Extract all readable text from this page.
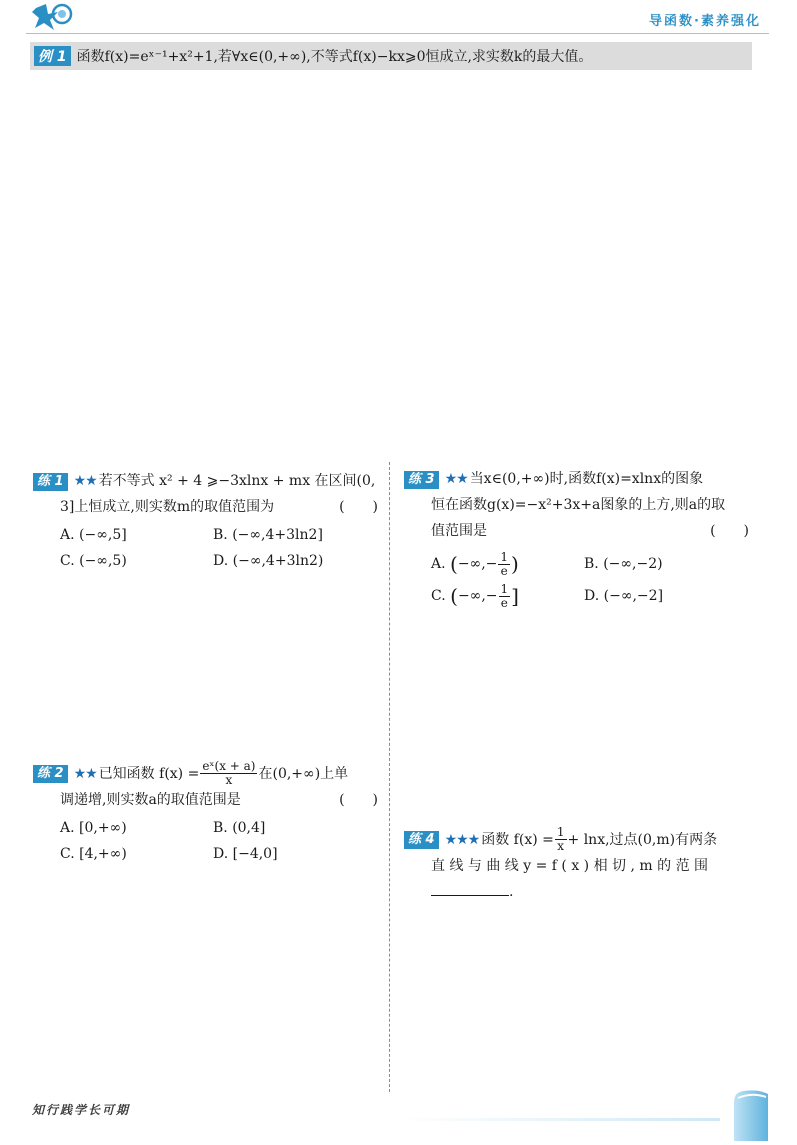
导函数·素养强化
例 1 函数f(x)=eˣ⁻¹+x²+1,若∀x∈(0,+∞),不等式f(x)−kx⩾0恒成立,求实数k的最大值。
练 1 ★★ 若不等式 x² + 4 ⩾−3xlnx + mx 在区间(0,
3]上恒成立,则实数m的取值范围为	(　　)
A. (−∞,5]	B. (−∞,4+3ln2]
C. (−∞,5)	D. (−∞,4+3ln2)
练 2 ★★ 已知函数 $f(x) = \frac{\text{eˣ(x + a)}}{x}$ 在(0,+∞)上单
调递增,则实数a的取值范围是	(　　)
A. [0,+∞)	B. (0,4]
C. [4,+∞)	D. [−4,0]
练 3 ★★ 当x∈(0,+∞)时,函数f(x)=xlnx的图象
恒在函数g(x)=−x²+3x+a图象的上方,则a的取
值范围是	(　　)
A. (−∞,− $\frac{1}{e}$ )	B. (−∞,−2)
C. (−∞,− $\frac{1}{e}$ ]	D. (−∞,−2]
练 4 ★★★ 函数 $f(x) = \frac{1}{x} + \ln x$,过点(0,m)有两条
直 线 与 曲 线 y = f ( x ) 相 切 , m 的 范 围
.
知行践学长可期
